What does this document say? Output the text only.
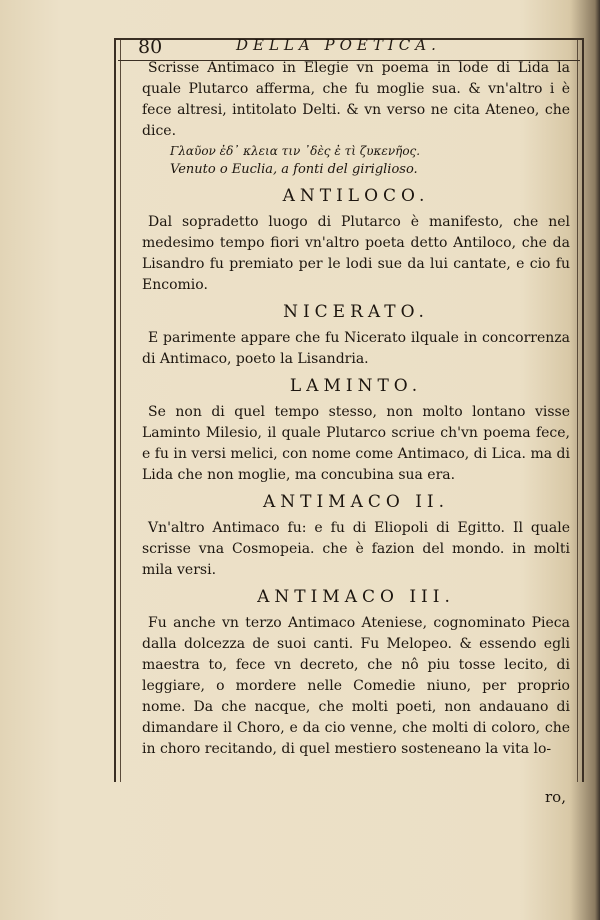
80	DELLA POETICA.

Scrisse Antimaco in Elegie vn poema in lode di Lida la quale Plutarco afferma, che fu moglie sua. & vn'altro i è fece altresi, intitolato Delti. & vn verso ne cita Ateneo, che dice.

Γλαῦον ἐδ᾽ κλεια τιν ᾽δὲς ἐ τὶ ζυκενῆος.

Venuto o Euclia, a fonti del giriglioso.

ANTILOCO.

Dal sopradetto luogo di Plutarco è manifesto, che nel medesimo tempo fiori vn'altro poeta detto Antiloco, che da Lisandro fu premiato per le lodi sue da lui cantate, e cio fu Encomio.

NICERATO.

E parimente appare che fu Nicerato ilquale in concorrenza di Antimaco, poeto la Lisandria.

LAMINTO.

Se non di quel tempo stesso, non molto lontano visse Laminto Milesio, il quale Plutarco scriue ch'vn poema fece, e fu in versi melici, con nome come Antimaco, di Lica. ma di Lida che non moglie, ma concubina sua era.

ANTIMACO II.

Vn'altro Antimaco fu: e fu di Eliopoli di Egitto. Il quale scrisse vna Cosmopeia. che è fazion del mondo. in molti mila versi.

ANTIMACO III.

Fu anche vn terzo Antimaco Ateniese, cognominato Pieca dalla dolcezza de suoi canti. Fu Melopeo. & essendo egli maestra to, fece vn decreto, che nô piu tosse lecito, di leggiare, o mordere nelle Comedie niuno, per proprio nome. Da che nacque, che molti poeti, non andauano di dimandare il Choro, e da cio venne, che molti di coloro, che in choro recitando, di quel mestiero sosteneano la vita lo-

ro,
